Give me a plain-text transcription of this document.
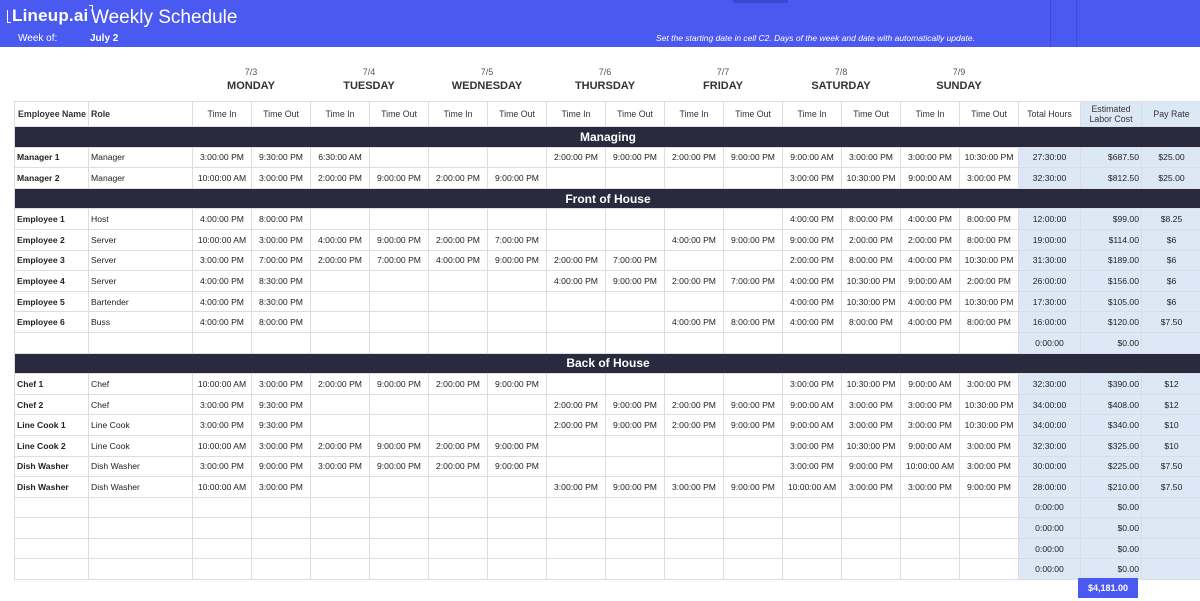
Lineup.ai Weekly Schedule
Week of:	July 2	Set the starting date in cell C2. Days of the week and date with automatically update.
7/3
MONDAY
7/4
TUESDAY
7/5
WEDNESDAY
7/6
THURSDAY
7/7
FRIDAY
7/8
SATURDAY
7/9
SUNDAY
Employee Name	Role	Time In	Time Out	Time In	Time Out	Time In	Time Out	Time In	Time Out	Time In	Time Out	Time In	Time Out	Time In	Time Out	Total Hours	Estimated Labor Cost	Pay Rate
Managing																		
Manager 1	Manager	3:00:00 PM	9:30:00 PM	6:30:00 AM				2:00:00 PM	9:00:00 PM	2:00:00 PM	9:00:00 PM	9:00:00 AM	3:00:00 PM	3:00:00 PM	10:30:00 PM	27:30:00	$687.50	$25.00
Manager 2	Manager	10:00:00 AM	3:00:00 PM	2:00:00 PM	9:00:00 PM	2:00:00 PM	9:00:00 PM					3:00:00 PM	10:30:00 PM	9:00:00 AM	3:00:00 PM	32:30:00	$812.50	$25.00
Front of House																		
Employee 1	Host	4:00:00 PM	8:00:00 PM									4:00:00 PM	8:00:00 PM	4:00:00 PM	8:00:00 PM	12:00:00	$99.00	$8.25
Employee 2	Server	10:00:00 AM	3:00:00 PM	4:00:00 PM	9:00:00 PM	2:00:00 PM	7:00:00 PM			4:00:00 PM	9:00:00 PM	9:00:00 PM	2:00:00 PM	2:00:00 PM	8:00:00 PM	19:00:00	$114.00	$6
Employee 3	Server	3:00:00 PM	7:00:00 PM	2:00:00 PM	7:00:00 PM	4:00:00 PM	9:00:00 PM	2:00:00 PM	7:00:00 PM			2:00:00 PM	8:00:00 PM	4:00:00 PM	10:30:00 PM	31:30:00	$189.00	$6
Employee 4	Server	4:00:00 PM	8:30:00 PM					4:00:00 PM	9:00:00 PM	2:00:00 PM	7:00:00 PM	4:00:00 PM	10:30:00 PM	9:00:00 AM	2:00:00 PM	26:00:00	$156.00	$6
Employee 5	Bartender	4:00:00 PM	8:30:00 PM									4:00:00 PM	10:30:00 PM	4:00:00 PM	10:30:00 PM	17:30:00	$105.00	$6
Employee 6	Buss	4:00:00 PM	8:00:00 PM							4:00:00 PM	8:00:00 PM	4:00:00 PM	8:00:00 PM	4:00:00 PM	8:00:00 PM	16:00:00	$120.00	$7.50
																0:00:00	$0.00	
Back of House																		
Chef 1	Chef	10:00:00 AM	3:00:00 PM	2:00:00 PM	9:00:00 PM	2:00:00 PM	9:00:00 PM					3:00:00 PM	10:30:00 PM	9:00:00 AM	3:00:00 PM	32:30:00	$390.00	$12
Chef 2	Chef	3:00:00 PM	9:30:00 PM					2:00:00 PM	9:00:00 PM	2:00:00 PM	9:00:00 PM	9:00:00 AM	3:00:00 PM	3:00:00 PM	10:30:00 PM	34:00:00	$408.00	$12
Line Cook 1	Line Cook	3:00:00 PM	9:30:00 PM					2:00:00 PM	9:00:00 PM	2:00:00 PM	9:00:00 PM	9:00:00 AM	3:00:00 PM	3:00:00 PM	10:30:00 PM	34:00:00	$340.00	$10
Line Cook 2	Line Cook	10:00:00 AM	3:00:00 PM	2:00:00 PM	9:00:00 PM	2:00:00 PM	9:00:00 PM					3:00:00 PM	10:30:00 PM	9:00:00 AM	3:00:00 PM	32:30:00	$325.00	$10
Dish Washer	Dish Washer	3:00:00 PM	9:00:00 PM	3:00:00 PM	9:00:00 PM	2:00:00 PM	9:00:00 PM					3:00:00 PM	9:00:00 PM	10:00:00 AM	3:00:00 PM	30:00:00	$225.00	$7.50
Dish Washer	Dish Washer	10:00:00 AM	3:00:00 PM					3:00:00 PM	9:00:00 PM	3:00:00 PM	9:00:00 PM	10:00:00 AM	3:00:00 PM	3:00:00 PM	9:00:00 PM	28:00:00	$210.00	$7.50
																0:00:00	$0.00	
																0:00:00	$0.00	
																0:00:00	$0.00	
																0:00:00	$0.00	
$4,181.00
